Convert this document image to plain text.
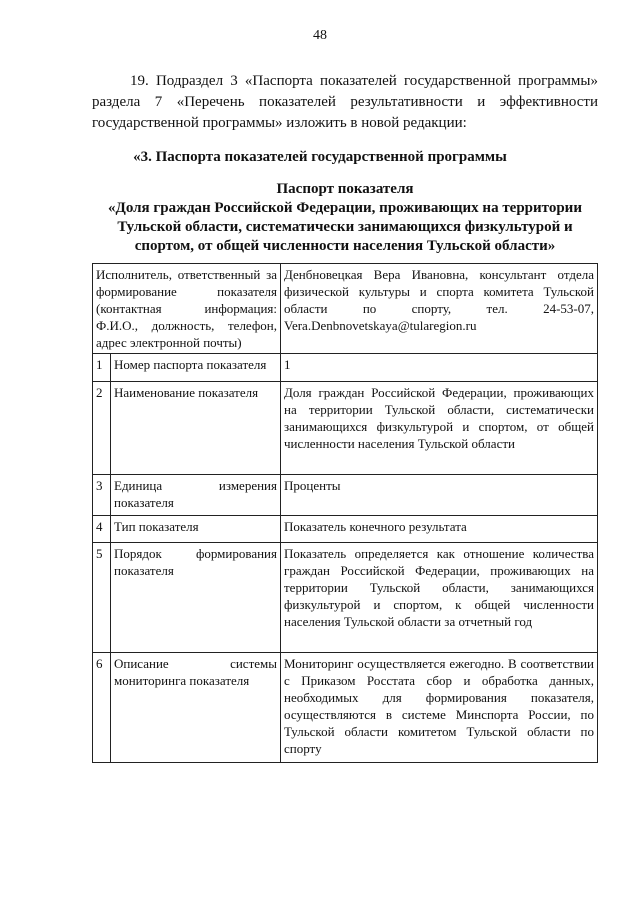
48
19. Подраздел 3 «Паспорта показателей государственной программы» раздела 7 «Перечень показателей результативности и эффективности государственной программы» изложить в новой редакции:
«3. Паспорта показателей государственной программы
Паспорт показателя
«Доля граждан Российской Федерации, проживающих на территории Тульской области, систематически занимающихся физкультурой и спортом, от общей численности населения Тульской области»
Исполнитель, ответственный за формирование показателя (контактная информация: Ф.И.О., должность, телефон, адрес электронной почты)		Денбновецкая Вера Ивановна, консультант отдела физической культуры и спорта комитета Тульской области по спорту, тел. 24-53-07, Vera.Denbnovetskaya@tularegion.ru
1	Номер паспорта показателя	1
2	Наименование показателя	Доля граждан Российской Федерации, проживающих на территории Тульской области, систематически занимающихся физкультурой и спортом, от общей численности населения Тульской области
3	Единица измерения показателя	Проценты
4	Тип показателя	Показатель конечного результата
5	Порядок формирования показателя	Показатель определяется как отношение количества граждан Российской Федерации, проживающих на территории Тульской области, занимающихся физкультурой и спортом, к общей численности населения Тульской области за отчетный год
6	Описание системы мониторинга показателя	Мониторинг осуществляется ежегодно. В соответствии с Приказом Росстата сбор и обработка данных, необходимых для формирования показателя, осуществляются в системе Минспорта России, по Тульской области комитетом Тульской области по спорту
